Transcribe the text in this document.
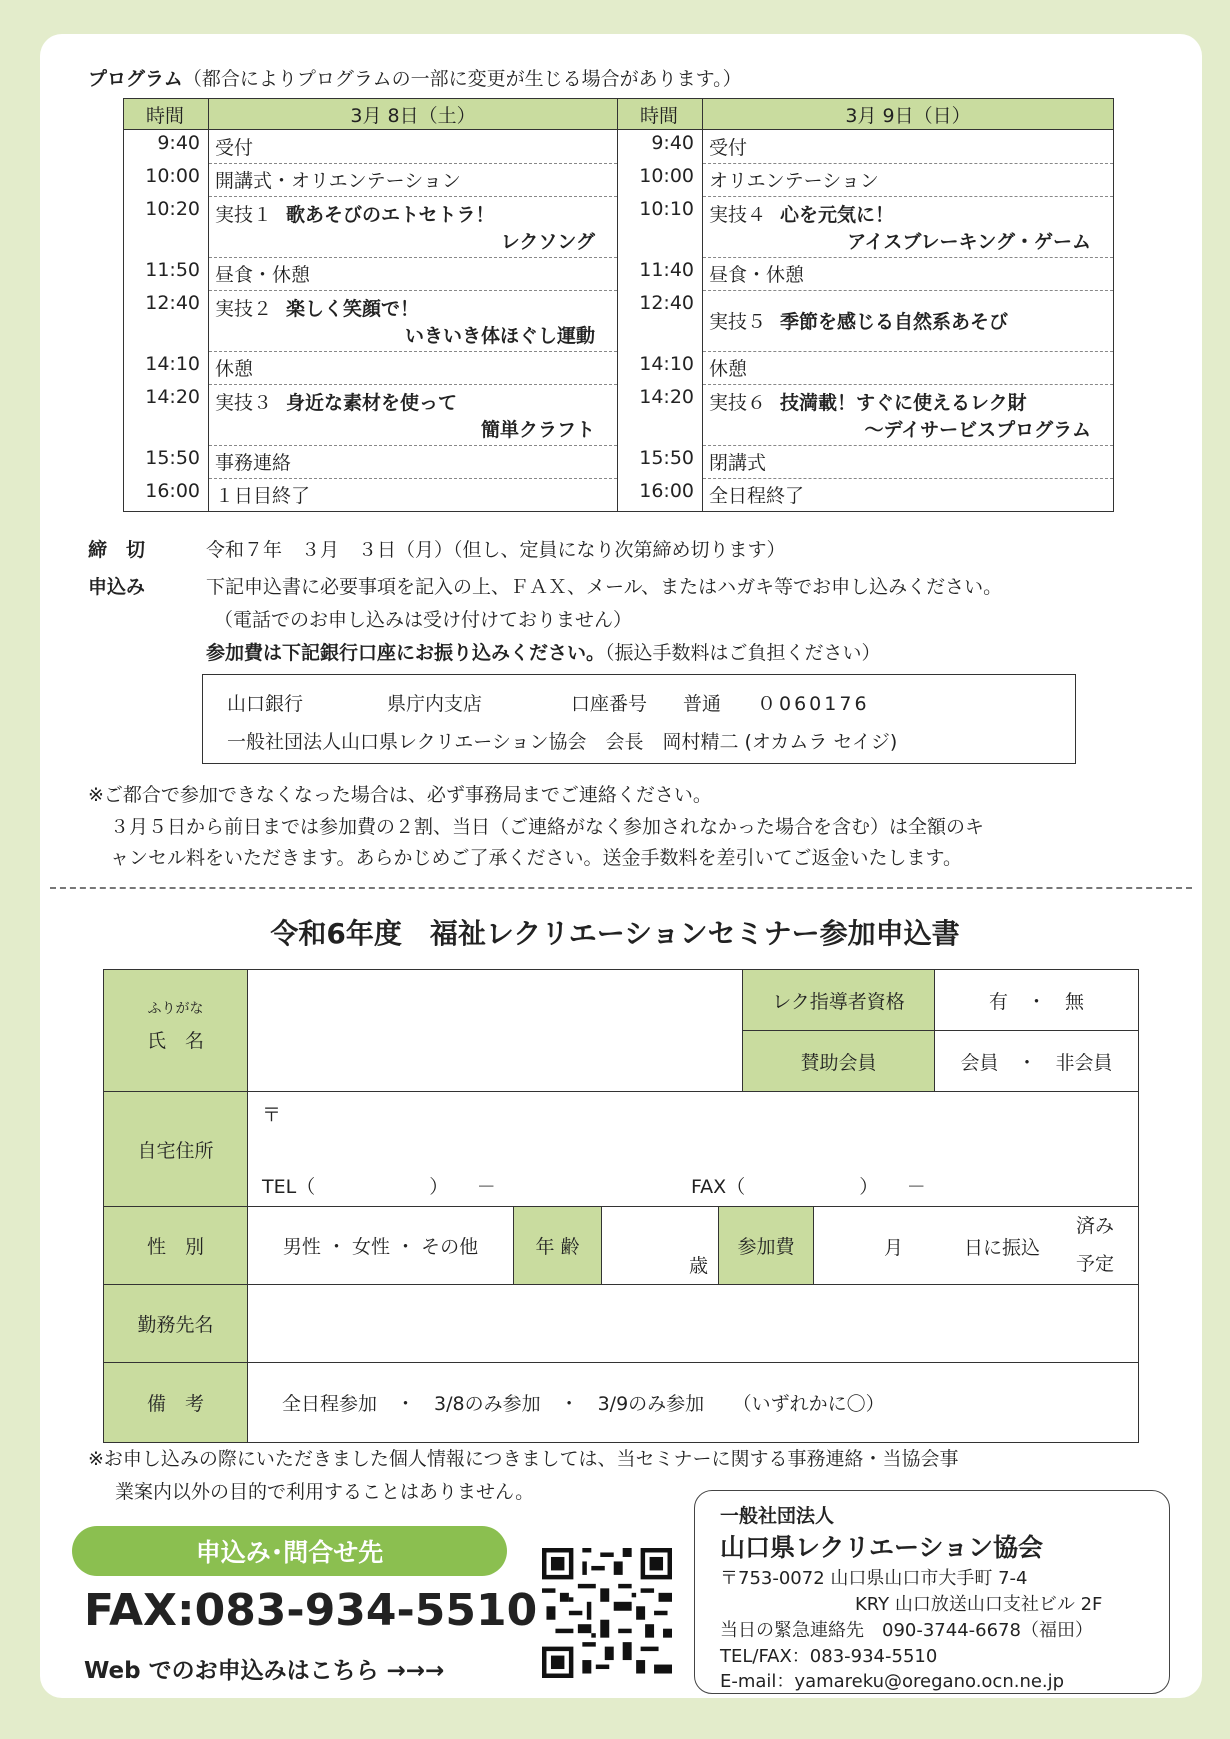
プログラム（都合によりプログラムの一部に変更が生じる場合があります。）
時間	3月 8日（土）
9:40	受付
10:00	開講式・オリエンテーション
10:20	実技１ 歌あそびのエトセトラ！
レクソング

11:50	昼食・休憩
12:40	実技２ 楽しく笑顔で！
いきいき体ほぐし運動

14:10	休憩
14:20	実技３ 身近な素材を使って
簡単クラフト

15:50	事務連絡
16:00	１日目終了
時間	3月 9日（日）
9:40	受付
10:00	オリエンテーション
10:10	実技４ 心を元気に！
アイスブレーキング・ゲーム

11:40	昼食・休憩
12:40	実技５ 季節を感じる自然系あそび
14:10	休憩
14:20	実技６ 技満載！すぐに使えるレク財
～デイサービスプログラム

15:50	閉講式
16:00	全日程終了
締　切	令和７年　３月　３日（月）（但し、定員になり次第締め切ります）
申込み	下記申込書に必要事項を記入の上、ＦＡＸ、メール、またはハガキ等でお申し込みください。
（電話でのお申し込みは受け付けておりません）
参加費は下記銀行口座にお振り込みください。（振込手数料はご負担ください）
山口銀行	県庁内支店	口座番号 普通 ０060176
一般社団法人山口県レクリエーション協会　会長　岡村精二 (オカムラ セイジ)
※ご都合で参加できなくなった場合は、必ず事務局までご連絡ください。
３月５日から前日までは参加費の２割、当日（ご連絡がなく参加されなかった場合を含む）は全額のキ
ャンセル料をいただきます。あらかじめご了承ください。送金手数料を差引いてご返金いたします。
令和6年度　福祉レクリエーションセミナー参加申込書
ふりがな
氏　名
レク指導者資格	有　・　無
賛助会員	会員　・　非会員
自宅住所
〒
TEL（　　　　　　）　　－	FAX（　　　　　　）　　－
性　別	男性 ・ 女性 ・ その他	年 齢
歳
参加費	月	日に振込
済み
予定
勤務先名
備　考	全日程参加　・　3/8のみ参加　・　3/9のみ参加　　（いずれかに〇）
※お申し込みの際にいただきました個人情報につきましては、当セミナーに関する事務連絡・当協会事
業案内以外の目的で利用することはありません。
申込み･問合せ先
FAX:083-934-5510
Web でのお申込みはこちら →→→
一般社団法人
山口県レクリエーション協会
〒753-0072 山口県山口市大手町 7-4
KRY 山口放送山口支社ビル 2F
当日の緊急連絡先　090-3744-6678（福田）
TEL/FAX：083-934-5510
E-mail：yamareku@oregano.ocn.ne.jp
